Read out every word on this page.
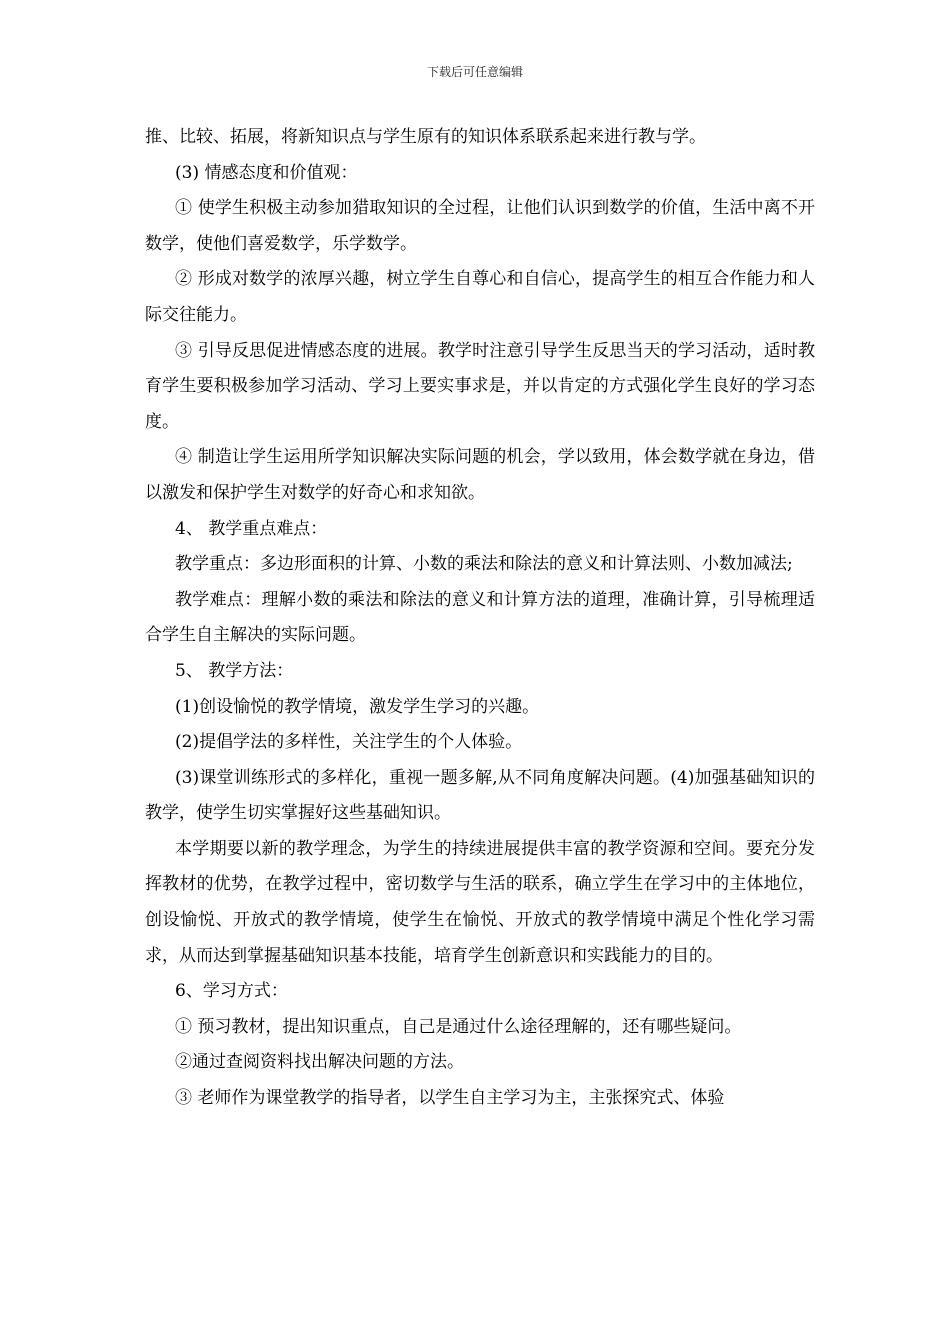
下载后可任意编辑

推、比较、拓展，将新知识点与学生原有的知识体系联系起来进行教与学。

(3) 情感态度和价值观：

① 使学生积极主动参加猎取知识的全过程，让他们认识到数学的价值，生活中离不开数学，使他们喜爱数学，乐学数学。

② 形成对数学的浓厚兴趣，树立学生自尊心和自信心，提高学生的相互合作能力和人际交往能力。

③ 引导反思促进情感态度的进展。教学时注意引导学生反思当天的学习活动，适时教育学生要积极参加学习活动、学习上要实事求是，并以肯定的方式强化学生良好的学习态度。

④ 制造让学生运用所学知识解决实际问题的机会，学以致用，体会数学就在身边，借以激发和保护学生对数学的好奇心和求知欲。

4、 教学重点难点：

教学重点：多边形面积的计算、小数的乘法和除法的意义和计算法则、小数加减法;

教学难点：理解小数的乘法和除法的意义和计算方法的道理，准确计算，引导梳理适合学生自主解决的实际问题。

5、 教学方法：

(1)创设愉悦的教学情境，激发学生学习的兴趣。

(2)提倡学法的多样性，关注学生的个人体验。

(3)课堂训练形式的多样化，重视一题多解,从不同角度解决问题。(4)加强基础知识的教学，使学生切实掌握好这些基础知识。

本学期要以新的教学理念，为学生的持续进展提供丰富的教学资源和空间。要充分发挥教材的优势，在教学过程中，密切数学与生活的联系，确立学生在学习中的主体地位，创设愉悦、开放式的教学情境，使学生在愉悦、开放式的教学情境中满足个性化学习需求，从而达到掌握基础知识基本技能，培育学生创新意识和实践能力的目的。

6、学习方式：

① 预习教材，提出知识重点，自己是通过什么途径理解的，还有哪些疑问。

②通过查阅资料找出解决问题的方法。

③ 老师作为课堂教学的指导者，以学生自主学习为主，主张探究式、体验
